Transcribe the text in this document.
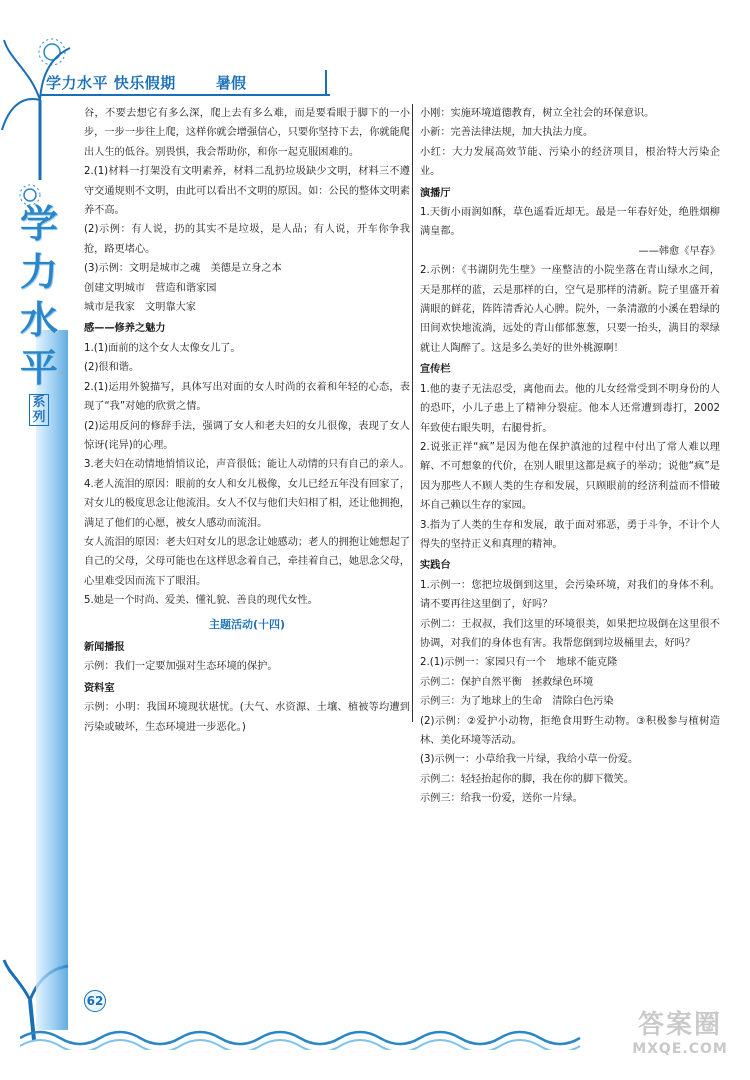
学
力
水
平
系列
学力水平 快乐假期	暑假

谷，不要去想它有多么深，爬上去有多么难，而是要看眼于脚下的一小步，一步一步往上爬，这样你就会增强信心，只要你坚持下去，你就能爬出人生的低谷。别畏惧，我会帮助你，和你一起克服困难的。

2.(1)材料一打架没有文明素养，材料二乱扔垃圾缺少文明，材料三不遵守交通规则不文明，由此可以看出不文明的原因。如：公民的整体文明素养不高。

(2)示例：有人说，扔的其实不是垃圾，是人品；有人说，开车你争我抢，路更堵心。

(3)示例：文明是城市之魂　美德是立身之本

创建文明城市　营造和谐家园

城市是我家　文明靠大家

感——修养之魅力

1.(1)面前的这个女人太像女儿了。

(2)很和谐。

2.(1)运用外貌描写，具体写出对面的女人时尚的衣着和年轻的心态，表现了“我”对她的欣赏之情。

(2)运用反问的修辞手法，强调了女人和老夫妇的女儿很像，表现了女人惊讶(诧异)的心理。

3.老夫妇在动情地悄悄议论，声音很低；能让人动情的只有自己的亲人。

4.老人流泪的原因：眼前的女人和女儿极像，女儿已经五年没有回家了，对女儿的极度思念让他流泪。女人不仅与他们夫妇相了相，还让他拥抱，满足了他们的心愿，被女人感动而流泪。

女人流泪的原因：老夫妇对女儿的思念让她感动；老人的拥抱让她想起了自己的父母，父母可能也在这样思念着自己，牵挂着自己，她思念父母，心里难受因而流下了眼泪。

5.她是一个时尚、爱美、懂礼貌、善良的现代女性。

主题活动(十四)

新闻播报

示例：我们一定要加强对生态环境的保护。

资料室

示例：小明：我国环境现状堪忧。(大气、水资源、土壤、植被等均遭到污染或破坏，生态环境进一步恶化。)

小刚：实施环境道德教育，树立全社会的环保意识。

小新：完善法律法规，加大执法力度。

小红：大力发展高效节能、污染小的经济项目，根治特大污染企业。

演播厅

1.天街小雨润如酥，草色遥看近却无。最是一年春好处，绝胜烟柳满皇都。

——韩愈《早春》

2.示例：《书湖阴先生壁》一座整洁的小院坐落在青山绿水之间，天是那样的蓝，云是那样的白，空气是那样的清新。院子里盛开着满眼的鲜花，阵阵清香沁人心脾。院外，一条清澈的小溪在碧绿的田间欢快地流淌，远处的青山郁郁葱葱，只要一抬头，满目的翠绿就让人陶醉了。这是多么美好的世外桃源啊！

宣传栏

1.他的妻子无法忍受，离他而去。他的儿女经常受到不明身份的人的恐吓，小儿子患上了精神分裂症。他本人还常遭到毒打，2002年致使右眼失明，右腿骨折。

2.说张正祥“疯”是因为他在保护滇池的过程中付出了常人难以理解、不可想象的代价，在别人眼里这都是疯子的举动；说他“疯”是因为那些人不顾人类的生存和发展，只顾眼前的经济利益而不惜破坏自己赖以生存的家园。

3.指为了人类的生存和发展，敢于面对邪恶，勇于斗争，不计个人得失的坚持正义和真理的精神。

实践台

1.示例一：您把垃圾倒到这里，会污染环境，对我们的身体不利。请不要再往这里倒了，好吗？

示例二：王叔叔，我们这里的环境很美，如果把垃圾倒在这里很不协调，对我们的身体也有害。我帮您倒到垃圾桶里去，好吗？

2.(1)示例一：家园只有一个　地球不能克隆

示例二：保护自然平衡　拯救绿色环境

示例三：为了地球上的生命　清除白色污染

(2)示例：②爱护小动物，拒绝食用野生动物。③积极参与植树造林、美化环境等活动。

(3)示例一：小草给我一片绿，我给小草一份爱。

示例二：轻轻抬起你的脚，我在你的脚下微笑。

示例三：给我一份爱，送你一片绿。

62
答案圈
MXQE.COM
